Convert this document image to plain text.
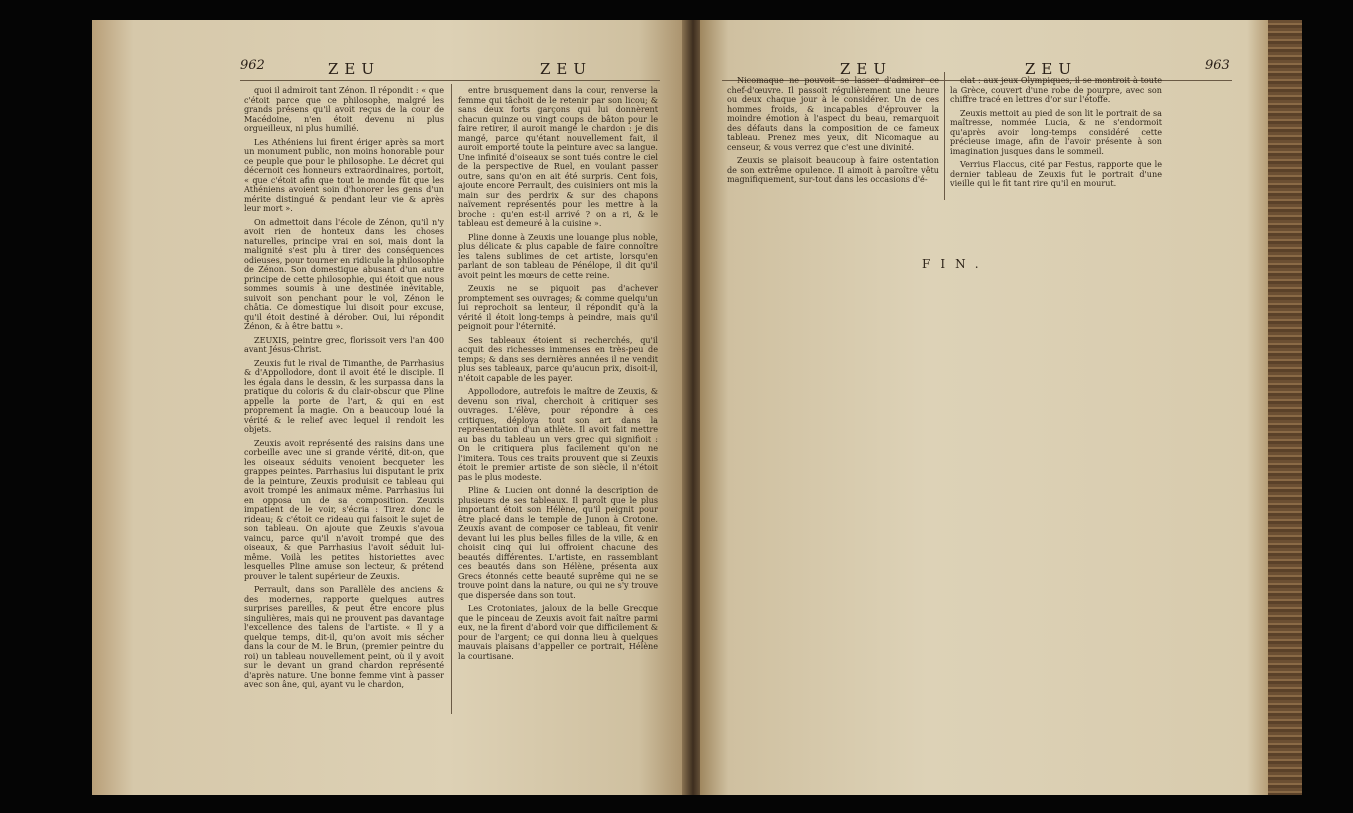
962	ZEU	ZEU

quoi il admiroit tant Zénon. Il répondit : « que c'étoit parce que ce philosophe, malgré les grands présens qu'il avoit reçus de la cour de Macédoine, n'en étoit devenu ni plus orgueilleux, ni plus humilié.

Les Athéniens lui firent ériger après sa mort un monument public, non moins honorable pour ce peuple que pour le philosophe. Le décret qui décernoit ces honneurs extraordinaires, portoit, « que c'étoit afin que tout le monde fût que les Athéniens avoient soin d'honorer les gens d'un mérite distingué & pendant leur vie & après leur mort ».

On admettoit dans l'école de Zénon, qu'il n'y avoit rien de honteux dans les choses naturelles, principe vrai en soi, mais dont la malignité s'est plu à tirer des conséquences odieuses, pour tourner en ridicule la philosophie de Zénon. Son domestique abusant d'un autre principe de cette philosophie, qui étoit que nous sommes soumis à une destinée inévitable, suivoit son penchant pour le vol, Zénon le châtia. Ce domestique lui disoit pour excuse, qu'il étoit destiné à dérober. Oui, lui répondit Zénon, & à être battu ».

ZEUXIS, peintre grec, florissoit vers l'an 400 avant Jésus-Christ.

Zeuxis fut le rival de Timanthe, de Parrhasius & d'Appollodore, dont il avoit été le disciple. Il les égala dans le dessin, & les surpassa dans la pratique du coloris & du clair-obscur que Pline appelle la porte de l'art, & qui en est proprement la magie. On a beaucoup loué la vérité & le relief avec lequel il rendoit les objets.

Zeuxis avoit représenté des raisins dans une corbeille avec une si grande vérité, dit-on, que les oiseaux séduits venoient becqueter les grappes peintes. Parrhasius lui disputant le prix de la peinture, Zeuxis produisit ce tableau qui avoit trompé les animaux même. Parrhasius lui en opposa un de sa composition. Zeuxis impatient de le voir, s'écria : Tirez donc le rideau; & c'étoit ce rideau qui faisoit le sujet de son tableau. On ajoute que Zeuxis s'avoua vaincu, parce qu'il n'avoit trompé que des oiseaux, & que Parrhasius l'avoit séduit lui-même. Voilà les petites historiettes avec lesquelles Pline amuse son lecteur, & prétend prouver le talent supérieur de Zeuxis.

Perrault, dans son Parallèle des anciens & des modernes, rapporte quelques autres surprises pareilles, & peut être encore plus singulières, mais qui ne prouvent pas davantage l'excellence des talens de l'artiste. « Il y a quelque temps, dit-il, qu'on avoit mis sécher dans la cour de M. le Brun, (premier peintre du roi) un tableau nouvellement peint, où il y avoit sur le devant un grand chardon représenté d'après nature. Une bonne femme vint à passer avec son âne, qui, ayant vu le chardon,

entre brusquement dans la cour, renverse la femme qui tâchoit de le retenir par son licou; & sans deux forts garçons qui lui donnèrent chacun quinze ou vingt coups de bâton pour le faire retirer, il auroit mangé le chardon : je dis mangé, parce qu'étant nouvellement fait, il auroit emporté toute la peinture avec sa langue. Une infinité d'oiseaux se sont tués contre le ciel de la perspective de Ruel, en voulant passer outre, sans qu'on en ait été surpris. Cent fois, ajoute encore Perrault, des cuisiniers ont mis la main sur des perdrix & sur des chapons naïvement représentés pour les mettre à la broche : qu'en est-il arrivé ? on a ri, & le tableau est demeuré à la cuisine ».

Pline donne à Zeuxis une louange plus noble, plus délicate & plus capable de faire connoître les talens sublimes de cet artiste, lorsqu'en parlant de son tableau de Pénélope, il dit qu'il avoit peint les mœurs de cette reine.

Zeuxis ne se piquoit pas d'achever promptement ses ouvrages; & comme quelqu'un lui reprochoit sa lenteur, il répondit qu'à la vérité il étoit long-temps à peindre, mais qu'il peignoit pour l'éternité.

Ses tableaux étoient si recherchés, qu'il acquit des richesses immenses en très-peu de temps; & dans ses dernières années il ne vendit plus ses tableaux, parce qu'aucun prix, disoit-il, n'étoit capable de les payer.

Appollodore, autrefois le maître de Zeuxis, & devenu son rival, cherchoit à critiquer ses ouvrages. L'élève, pour répondre à ces critiques, déploya tout son art dans la représentation d'un athlète. Il avoit fait mettre au bas du tableau un vers grec qui signifioit : On le critiquera plus facilement qu'on ne l'imitera. Tous ces traits prouvent que si Zeuxis étoit le premier artiste de son siècle, il n'étoit pas le plus modeste.

Pline & Lucien ont donné la description de plusieurs de ses tableaux. Il paroît que le plus important étoit son Hélène, qu'il peignit pour être placé dans le temple de Junon à Crotone. Zeuxis avant de composer ce tableau, fit venir devant lui les plus belles filles de la ville, & en choisit cinq qui lui offroient chacune des beautés différentes. L'artiste, en rassemblant ces beautés dans son Hélène, présenta aux Grecs étonnés cette beauté suprême qui ne se trouve point dans la nature, ou qui ne s'y trouve que dispersée dans son tout.

Les Crotoniates, jaloux de la belle Grecque que le pinceau de Zeuxis avoit fait naître parmi eux, ne la firent d'abord voir que difficilement & pour de l'argent; ce qui donna lieu à quelques mauvais plaisans d'appeller ce portrait, Hélène la courtisane.

ZEU	ZEU	963

Nicomaque ne pouvoit se lasser d'admirer ce chef-d'œuvre. Il passoit régulièrement une heure ou deux chaque jour à le considérer. Un de ces hommes froids, & incapables d'éprouver la moindre émotion à l'aspect du beau, remarquoit des défauts dans la composition de ce fameux tableau. Prenez mes yeux, dit Nicomaque au censeur, & vous verrez que c'est une divinité.

Zeuxis se plaisoit beaucoup à faire ostentation de son extrême opulence. Il aimoit à paroître vêtu magnifiquement, sur-tout dans les occasions d'é-

clat : aux jeux Olympiques, il se montroit à toute la Grèce, couvert d'une robe de pourpre, avec son chiffre tracé en lettres d'or sur l'étoffe.

Zeuxis mettoit au pied de son lit le portrait de sa maîtresse, nommée Lucia, & ne s'endormoit qu'après avoir long-temps considéré cette précieuse image, afin de l'avoir présente à son imagination jusques dans le sommeil.

Verrius Flaccus, cité par Festus, rapporte que le dernier tableau de Zeuxis fut le portrait d'une vieille qui le fit tant rire qu'il en mourut.

FIN.
